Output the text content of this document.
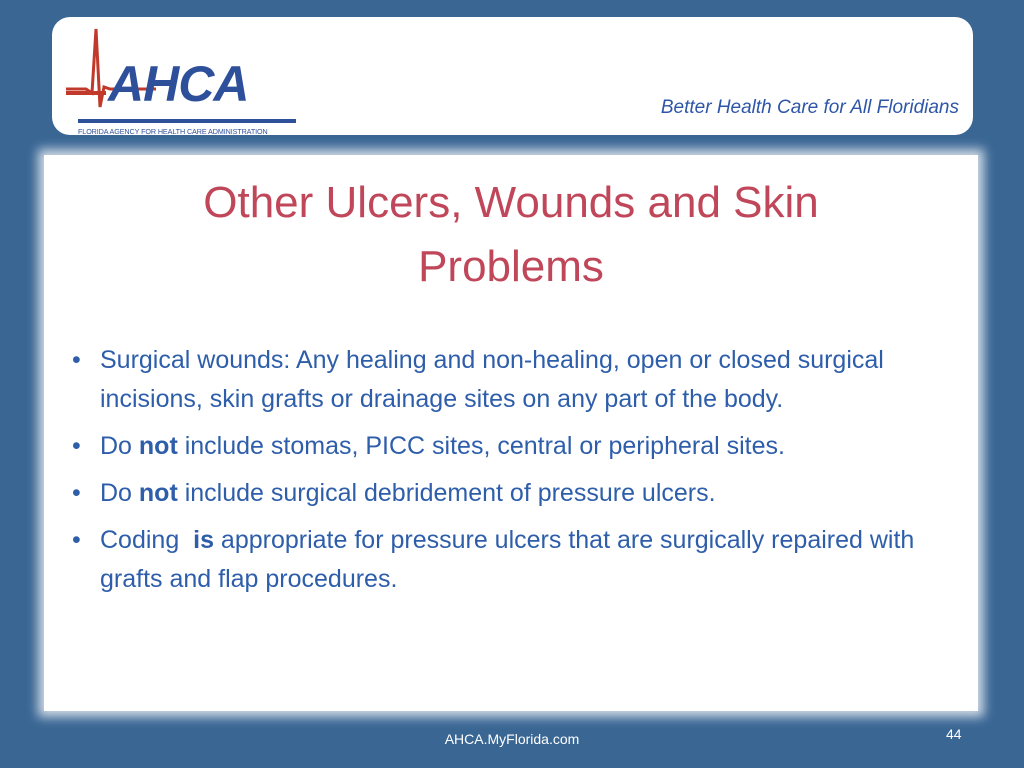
AHCA
FLORIDA AGENCY FOR HEALTH CARE ADMINISTRATION
Better Health Care for All Floridians
Other Ulcers, Wounds and Skin
Problems
• Surgical wounds: Any healing and non-healing, open or closed surgical incisions, skin grafts or drainage sites on any part of the body.
• Do not include stomas, PICC sites, central or peripheral sites.
• Do not include surgical debridement of pressure ulcers.
• Coding  is appropriate for pressure ulcers that are surgically repaired with grafts and flap procedures.
AHCA.MyFlorida.com	44
